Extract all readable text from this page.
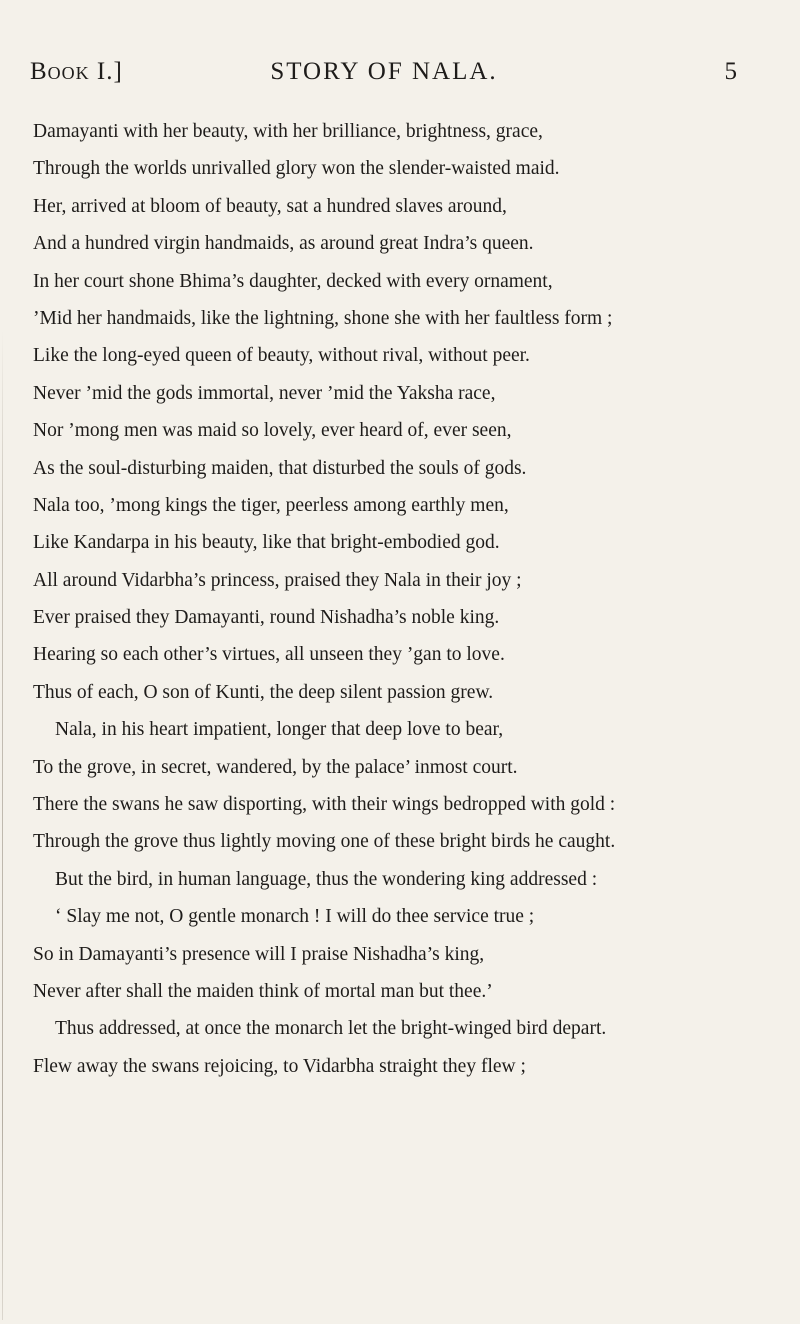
Book I.]	STORY OF NALA.	5
Damayanti with her beauty, with her brilliance, brightness, grace,
Through the worlds unrivalled glory won the slender-waisted maid.
Her, arrived at bloom of beauty, sat a hundred slaves around,
And a hundred virgin handmaids, as around great Indra’s queen.
In her court shone Bhima’s daughter, decked with every ornament,
’Mid her handmaids, like the lightning, shone she with her faultless form ;
Like the long-eyed queen of beauty, without rival, without peer.
Never ’mid the gods immortal, never ’mid the Yaksha race,
Nor ’mong men was maid so lovely, ever heard of, ever seen,
As the soul-disturbing maiden, that disturbed the souls of gods.
Nala too, ’mong kings the tiger, peerless among earthly men,
Like Kandarpa in his beauty, like that bright-embodied god.
All around Vidarbha’s princess, praised they Nala in their joy ;
Ever praised they Damayanti, round Nishadha’s noble king.
Hearing so each other’s virtues, all unseen they ’gan to love.
Thus of each, O son of Kunti, the deep silent passion grew.
Nala, in his heart impatient, longer that deep love to bear,
To the grove, in secret, wandered, by the palace’ inmost court.
There the swans he saw disporting, with their wings bedropped with gold :
Through the grove thus lightly moving one of these bright birds he caught.
But the bird, in human language, thus the wondering king addressed :
‘ Slay me not, O gentle monarch ! I will do thee service true ;
So in Damayanti’s presence will I praise Nishadha’s king,
Never after shall the maiden think of mortal man but thee.’
Thus addressed, at once the monarch let the bright-winged bird depart.
Flew away the swans rejoicing, to Vidarbha straight they flew ;
